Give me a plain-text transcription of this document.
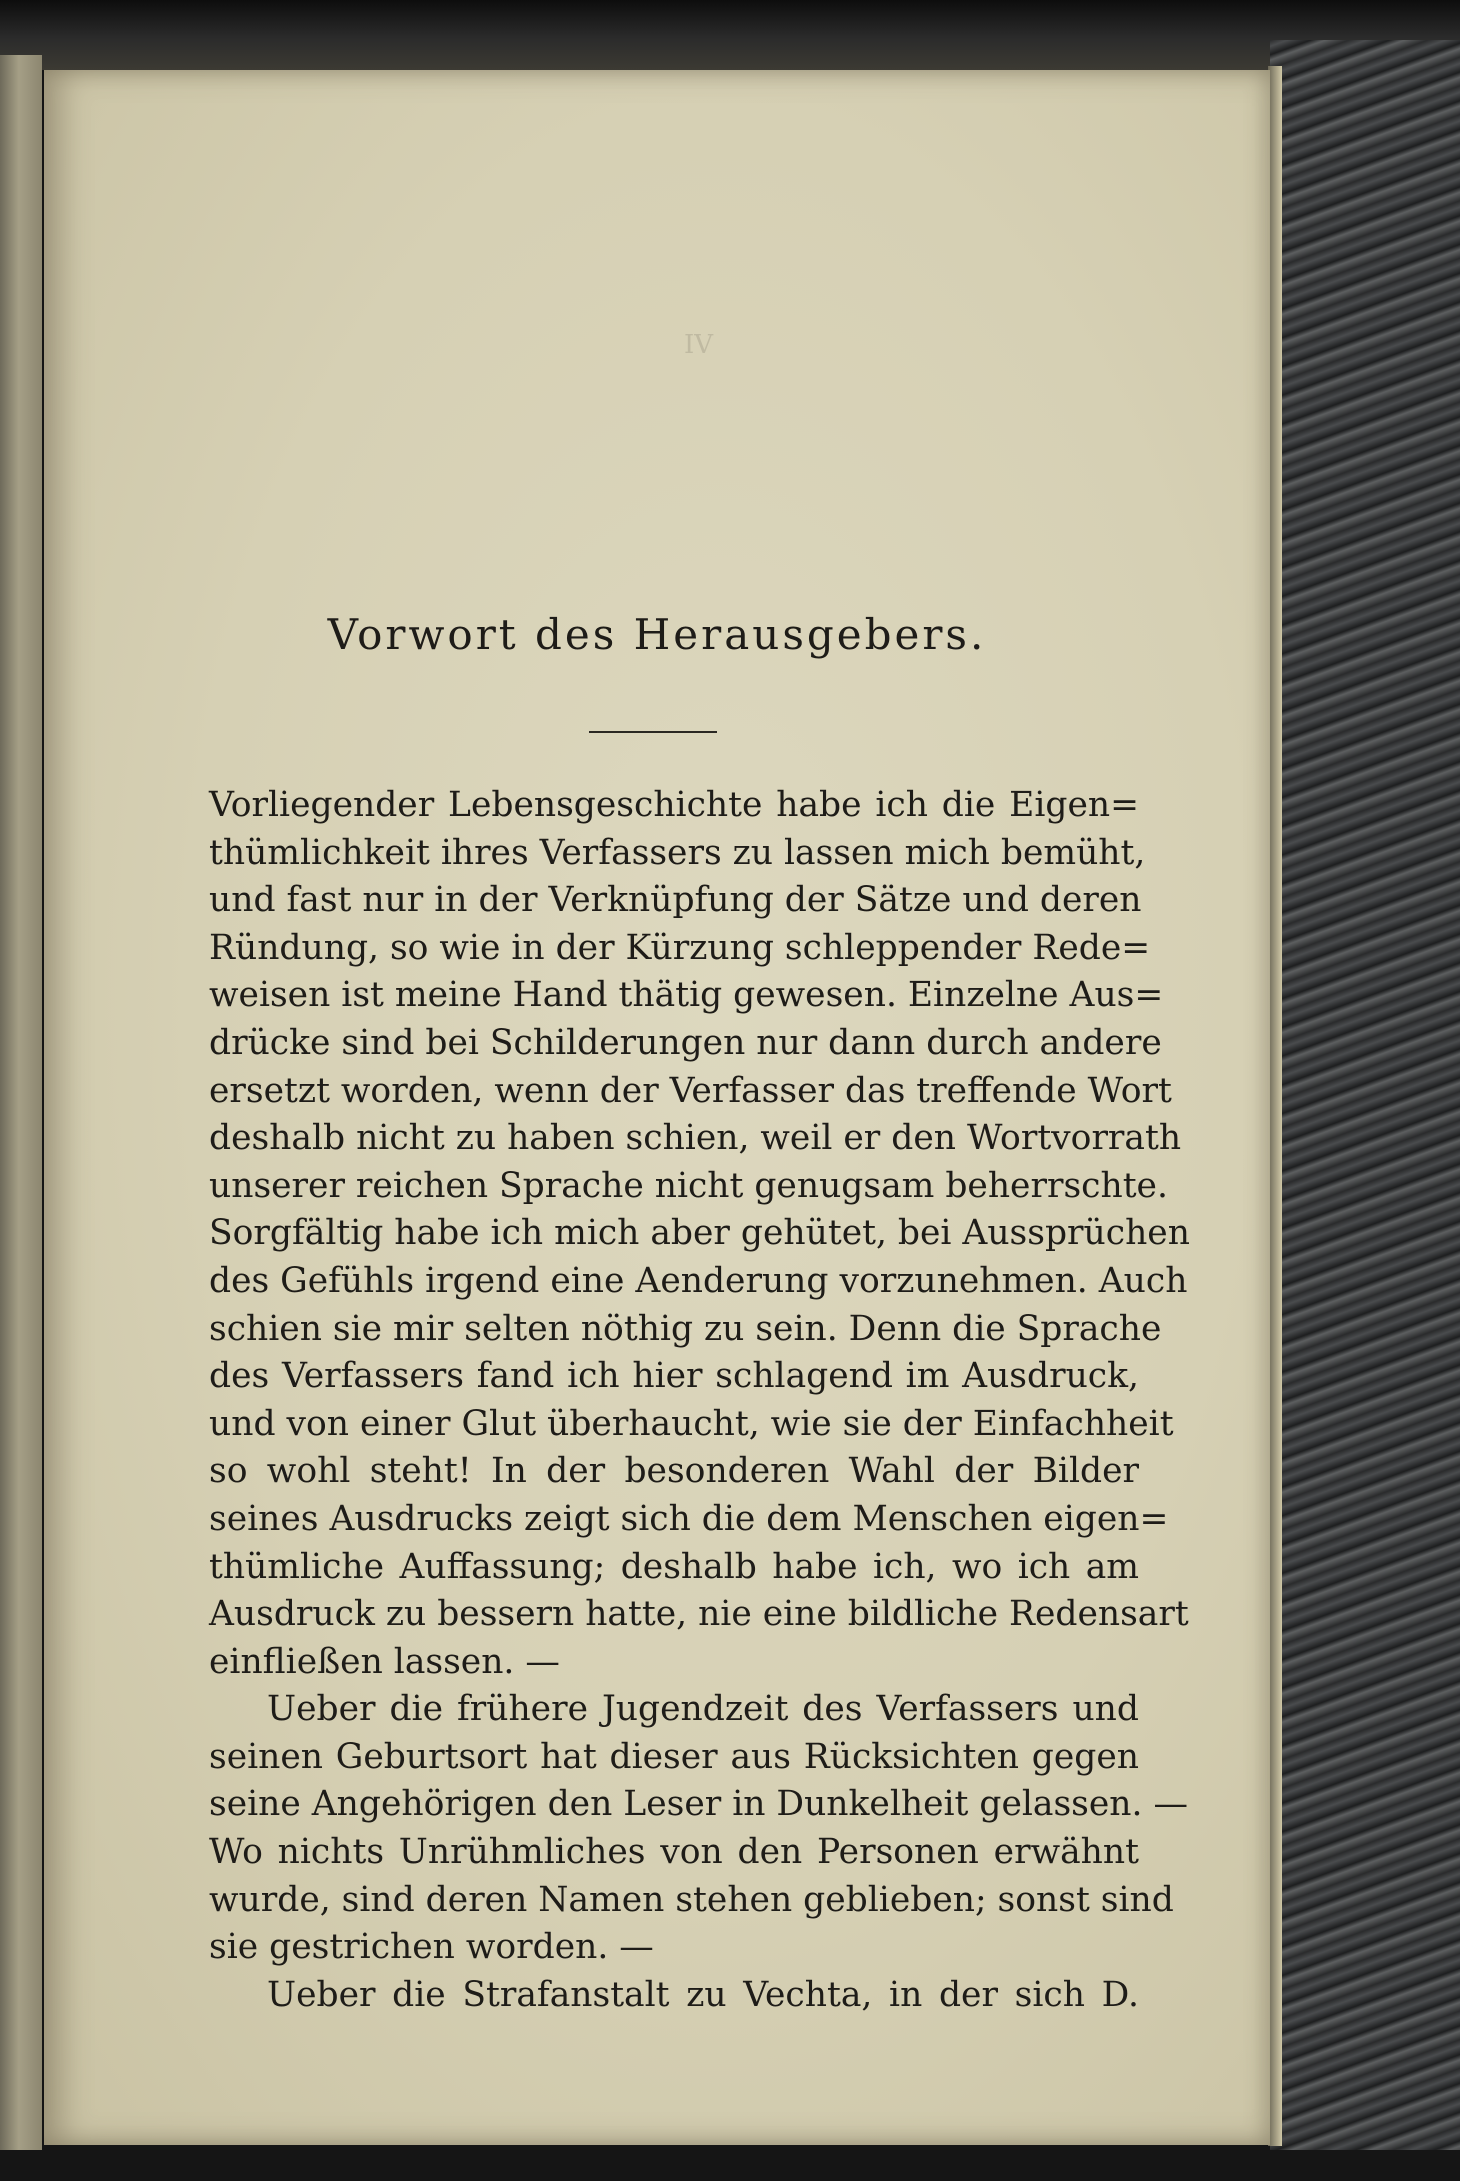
IV
Vorwort des Herausgebers.
Vorliegender Lebensgeschichte habe ich die Eigen=
thümlichkeit ihres Verfassers zu lassen mich bemüht,
und fast nur in der Verknüpfung der Sätze und deren
Ründung, so wie in der Kürzung schleppender Rede=
weisen ist meine Hand thätig gewesen. Einzelne Aus=
drücke sind bei Schilderungen nur dann durch andere
ersetzt worden, wenn der Verfasser das treffende Wort
deshalb nicht zu haben schien, weil er den Wortvorrath
unserer reichen Sprache nicht genugsam beherrschte.
Sorgfältig habe ich mich aber gehütet, bei Aussprüchen
des Gefühls irgend eine Aenderung vorzunehmen. Auch
schien sie mir selten nöthig zu sein. Denn die Sprache
des Verfassers fand ich hier schlagend im Ausdruck,
und von einer Glut überhaucht, wie sie der Einfachheit
so wohl steht! In der besonderen Wahl der Bilder
seines Ausdrucks zeigt sich die dem Menschen eigen=
thümliche Auffassung; deshalb habe ich, wo ich am
Ausdruck zu bessern hatte, nie eine bildliche Redensart
einfließen lassen. —
Ueber die frühere Jugendzeit des Verfassers und
seinen Geburtsort hat dieser aus Rücksichten gegen
seine Angehörigen den Leser in Dunkelheit gelassen. —
Wo nichts Unrühmliches von den Personen erwähnt
wurde, sind deren Namen stehen geblieben; sonst sind
sie gestrichen worden. —
Ueber die Strafanstalt zu Vechta, in der sich D.
